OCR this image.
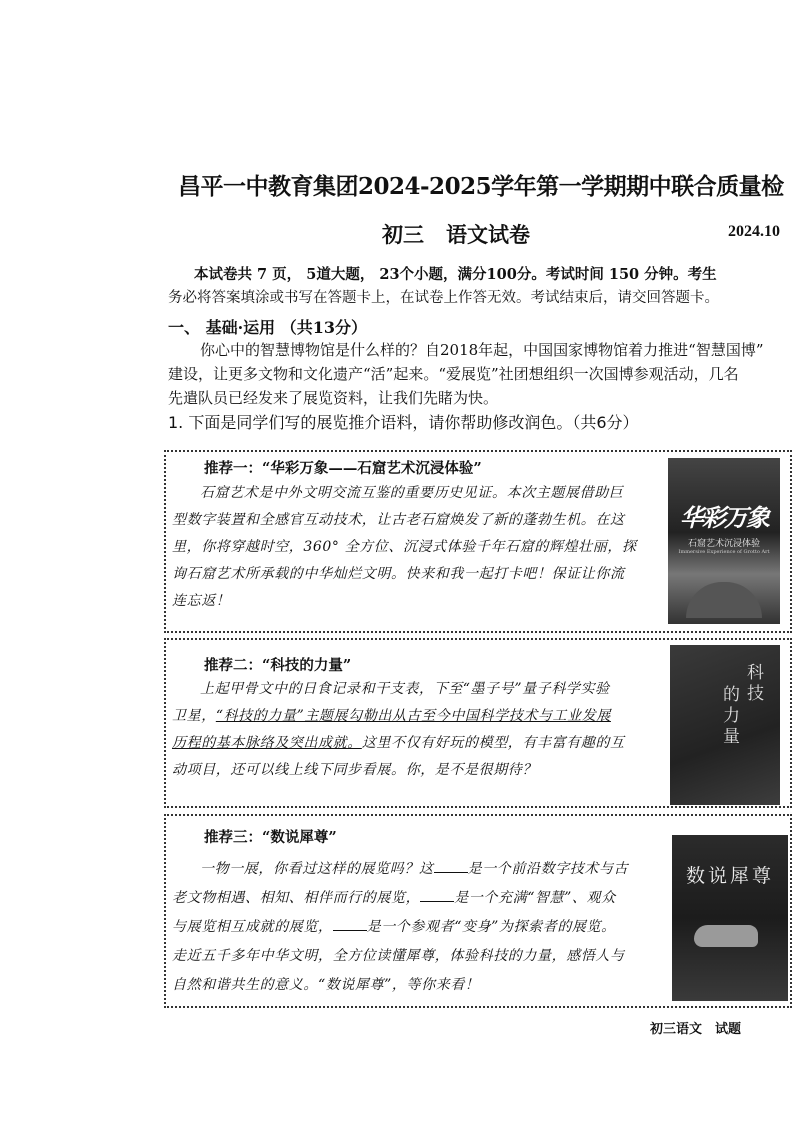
昌平一中教育集团2024-2025学年第一学期期中联合质量检
初三 语文试卷	2024.10
本试卷共 7 页， 5道大题， 23个小题，满分100分。考试时间 150 分钟。考生
务必将答案填涂或书写在答题卡上，在试卷上作答无效。考试结束后，请交回答题卡。
一、 基础·运用 （共13分）
你心中的智慧博物馆是什么样的？自2018年起，中国国家博物馆着力推进“智慧国博”
建设，让更多文物和文化遗产“活”起来。“爱展览”社团想组织一次国博参观活动，几名
先遣队员已经发来了展览资料，让我们先睹为快。
1. 下面是同学们写的展览推介语料，请你帮助修改润色。（共6分）
推荐一：“华彩万象——石窟艺术沉浸体验”
石窟艺术是中外文明交流互鉴的重要历史见证。本次主题展借助巨
型数字装置和全感官互动技术，让古老石窟焕发了新的蓬勃生机。在这
里，你将穿越时空，360° 全方位、沉浸式体验千年石窟的辉煌壮丽，探
询石窟艺术所承载的中华灿烂文明。快来和我一起打卡吧！保证让你流
连忘返！
华彩万象
石窟艺术沉浸体验
Immersive Experience of Grotto Art
推荐二：“科技的力量”
上起甲骨文中的日食记录和干支表，下至“墨子号”量子科学实验
卫星，“科技的力量”主题展勾勒出从古至今中国科学技术与工业发展
历程的基本脉络及突出成就。这里不仅有好玩的模型，有丰富有趣的互
动项目，还可以线上线下同步看展。你，是不是很期待？
科技
的力量
推荐三：“数说犀尊”
一物一展，你看过这样的展览吗？这 是一个前沿数字技术与古
老文物相遇、相知、相伴而行的展览， 是一个充满“智慧”、观众
与展览相互成就的展览， 是一个参观者“变身”为探索者的展览。
走近五千多年中华文明，全方位读懂犀尊，体验科技的力量，感悟人与
自然和谐共生的意义。“数说犀尊”，等你来看！
数说犀尊
初三语文　试题
